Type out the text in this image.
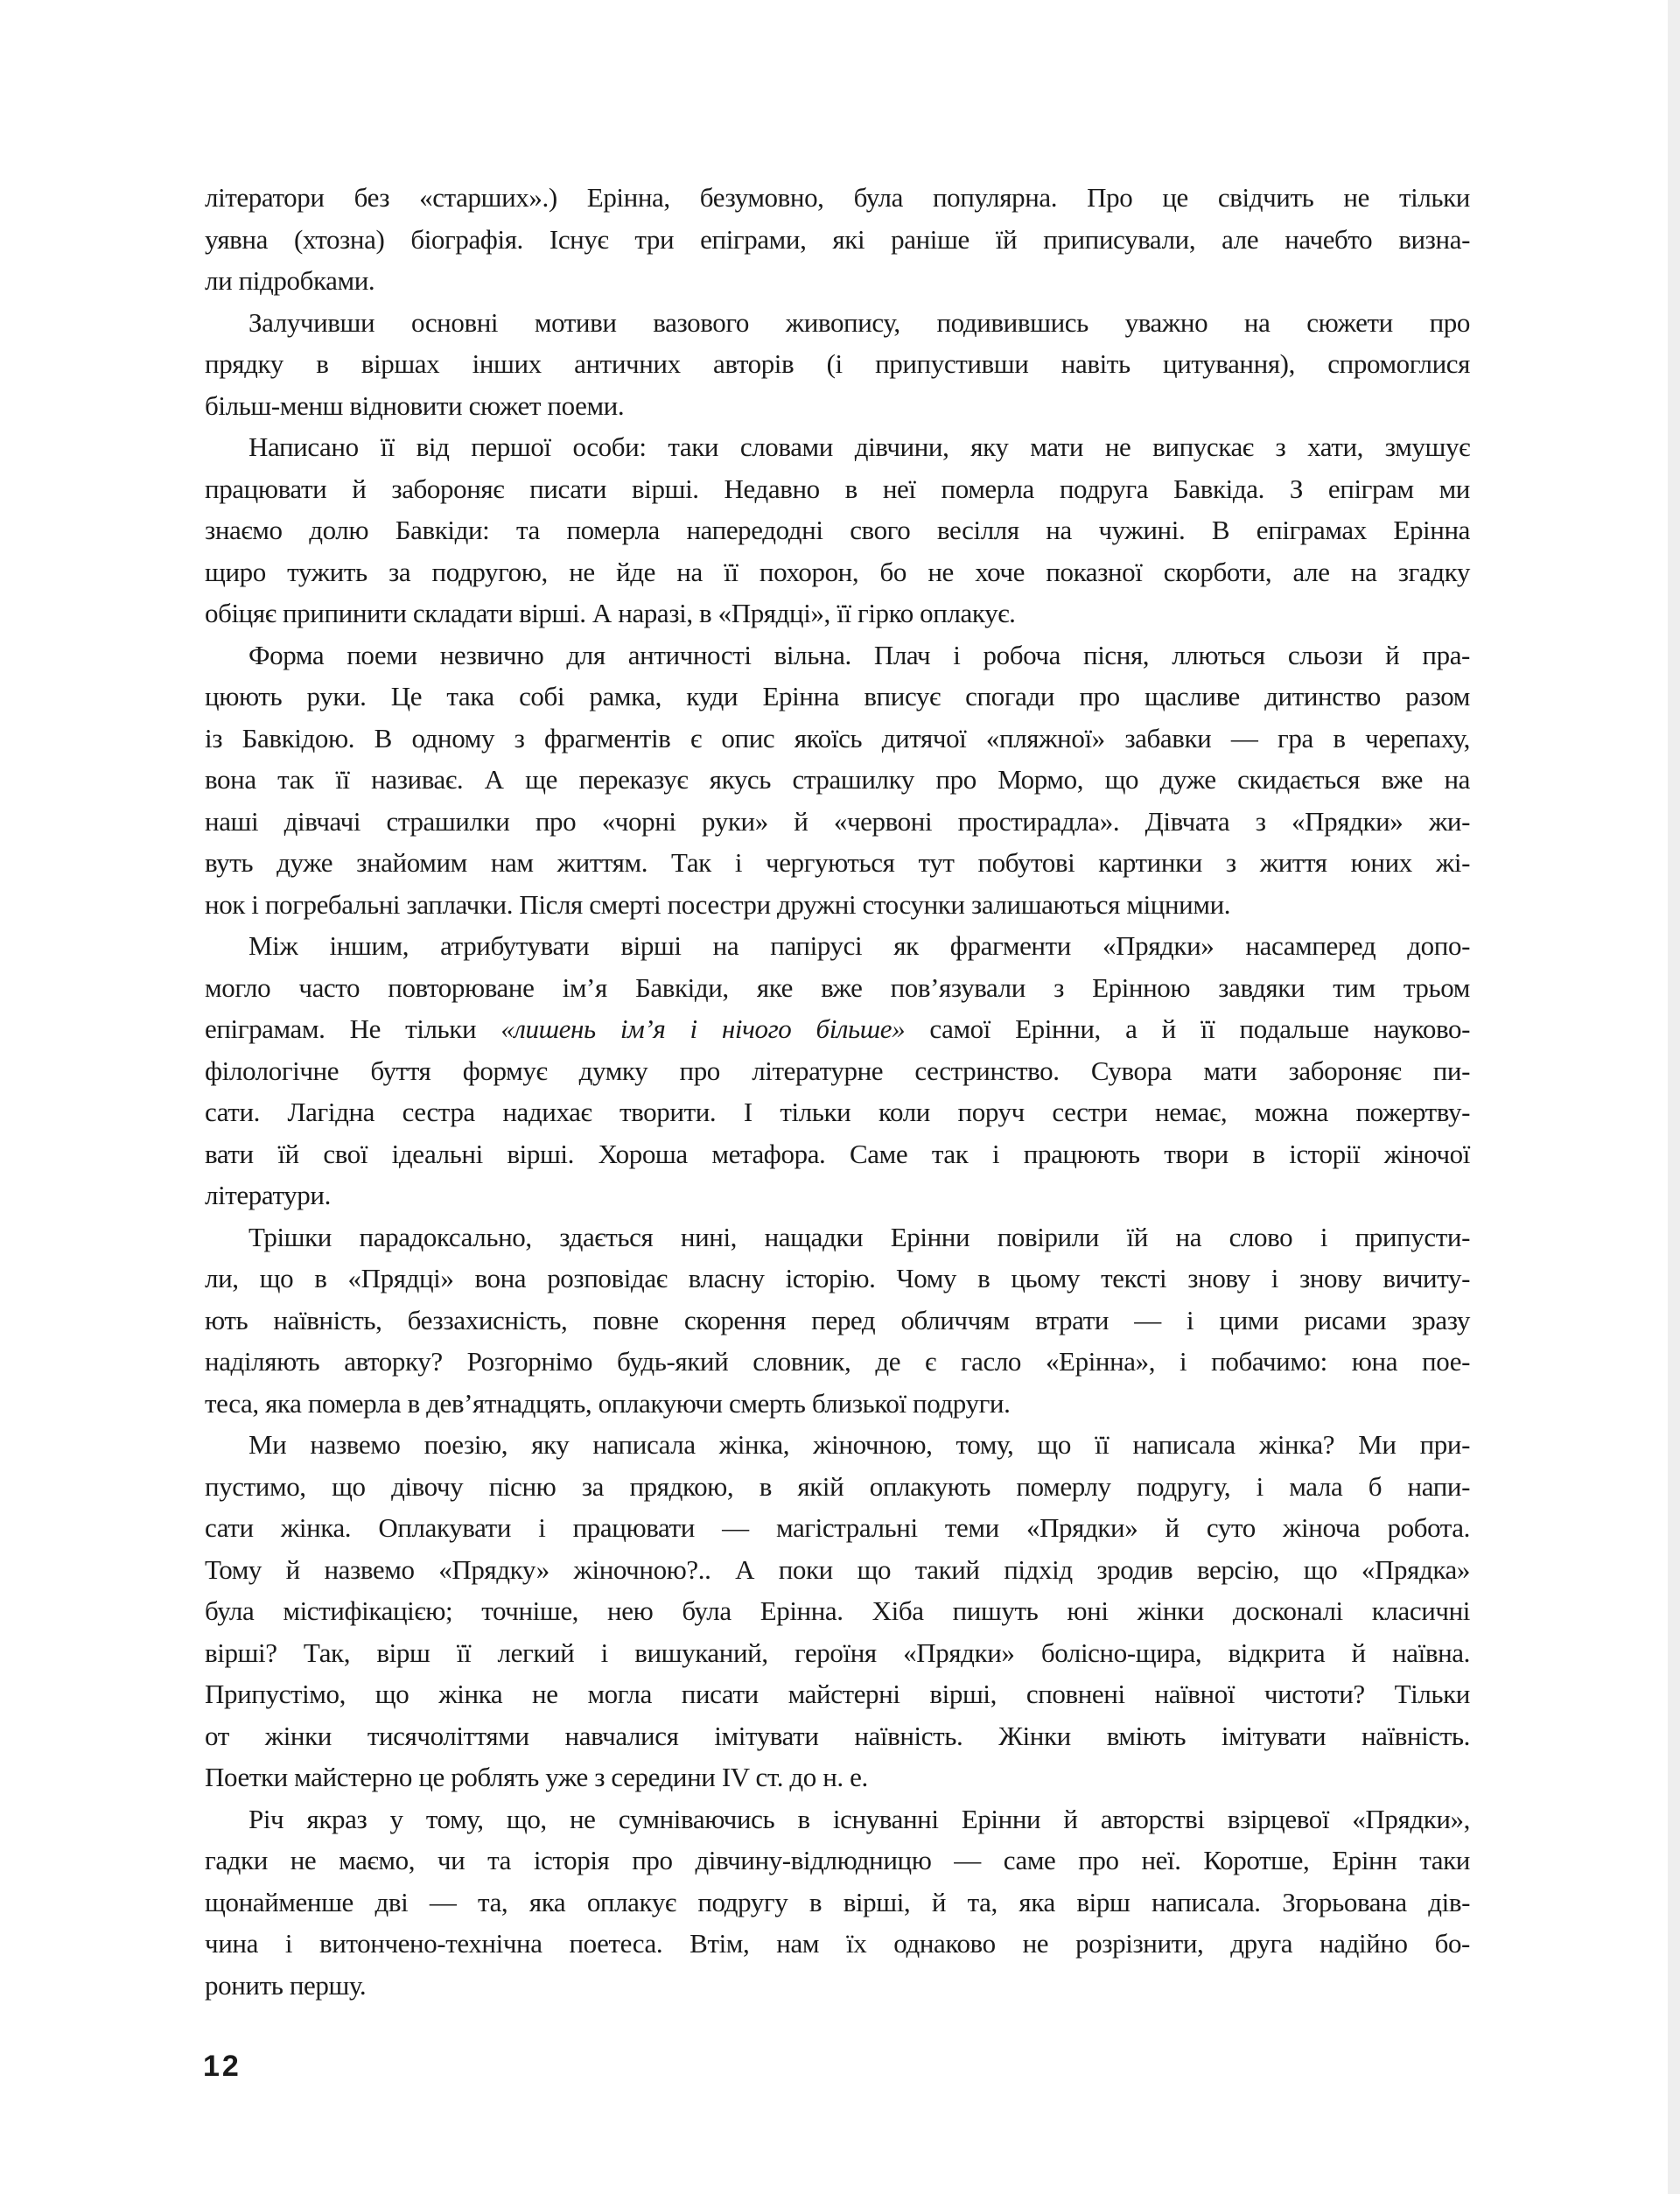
літератори без «старших».) Ерінна, безумовно, була популярна. Про це свідчить не тільки
уявна (хтозна) біографія. Існує три епіграми, які раніше їй приписували, але начебто визна-
ли підробками.
Залучивши основні мотиви вазового живопису, подивившись уважно на сюжети про
прядку в віршах інших античних авторів (і припустивши навіть цитування), спромоглися
більш-менш відновити сюжет поеми.
Написано її від першої особи: таки словами дівчини, яку мати не випускає з хати, змушує
працювати й забороняє писати вірші. Недавно в неї померла подруга Бавкіда. З епіграм ми
знаємо долю Бавкіди: та померла напередодні свого весілля на чужині. В епіграмах Ерінна
щиро тужить за подругою, не йде на її похорон, бо не хоче показної скорботи, але на згадку
обіцяє припинити складати вірші. А наразі, в «Прядці», її гірко оплакує.
Форма поеми незвично для античності вільна. Плач і робоча пісня, ллються сльози й пра-
цюють руки. Це така собі рамка, куди Ерінна вписує спогади про щасливе дитинство разом
із Бавкідою. В одному з фрагментів є опис якоїсь дитячої «пляжної» забавки — гра в черепаху,
вона так її називає. А ще переказує якусь страшилку про Мормо, що дуже скидається вже на
наші дівчачі страшилки про «чорні руки» й «червоні простирадла». Дівчата з «Прядки» жи-
вуть дуже знайомим нам життям. Так і чергуються тут побутові картинки з життя юних жі-
нок і погребальні заплачки. Після смерті посестри дружні стосунки залишаються міцними.
Між іншим, атрибутувати вірші на папірусі як фрагменти «Прядки» насамперед допо-
могло часто повторюване ім’я Бавкіди, яке вже пов’язували з Ерінною завдяки тим трьом
епіграмам. Не тільки «лишень ім’я і нічого більше» самої Ерінни, а й її подальше науково-
філологічне буття формує думку про літературне сестринство. Сувора мати забороняє пи-
сати. Лагідна сестра надихає творити. І тільки коли поруч сестри немає, можна пожертву-
вати їй свої ідеальні вірші. Хороша метафора. Саме так і працюють твори в історії жіночої
літератури.
Трішки парадоксально, здається нині, нащадки Ерінни повірили їй на слово і припусти-
ли, що в «Прядці» вона розповідає власну історію. Чому в цьому тексті знову і знову вичиту-
ють наївність, беззахисність, повне скорення перед обличчям втрати — і цими рисами зразу
наділяють авторку? Розгорнімо будь-який словник, де є гасло «Ерінна», і побачимо: юна пое-
теса, яка померла в дев’ятнадцять, оплакуючи смерть близької подруги.
Ми назвемо поезію, яку написала жінка, жіночною, тому, що її написала жінка? Ми при-
пустимо, що дівочу пісню за прядкою, в якій оплакують померлу подругу, і мала б напи-
сати жінка. Оплакувати і працювати — магістральні теми «Прядки» й суто жіноча робота.
Тому й назвемо «Прядку» жіночною?.. А поки що такий підхід зродив версію, що «Прядка»
була містифікацією; точніше, нею була Ерінна. Хіба пишуть юні жінки досконалі класичні
вірші? Так, вірш її легкий і вишуканий, героїня «Прядки» болісно-щира, відкрита й наївна.
Припустімо, що жінка не могла писати майстерні вірші, сповнені наївної чистоти? Тільки
от жінки тисячоліттями навчалися імітувати наївність. Жінки вміють імітувати наївність.
Поетки майстерно це роблять уже з середини IV ст. до н. е.
Річ якраз у тому, що, не сумніваючись в існуванні Ерінни й авторстві взірцевої «Прядки»,
гадки не маємо, чи та історія про дівчину-відлюдницю — саме про неї. Коротше, Ерінн таки
щонайменше дві — та, яка оплакує подругу в вірші, й та, яка вірш написала. Згорьована дів-
чина і витончено-технічна поетеса. Втім, нам їх однаково не розрізнити, друга надійно бо-
ронить першу.
12
